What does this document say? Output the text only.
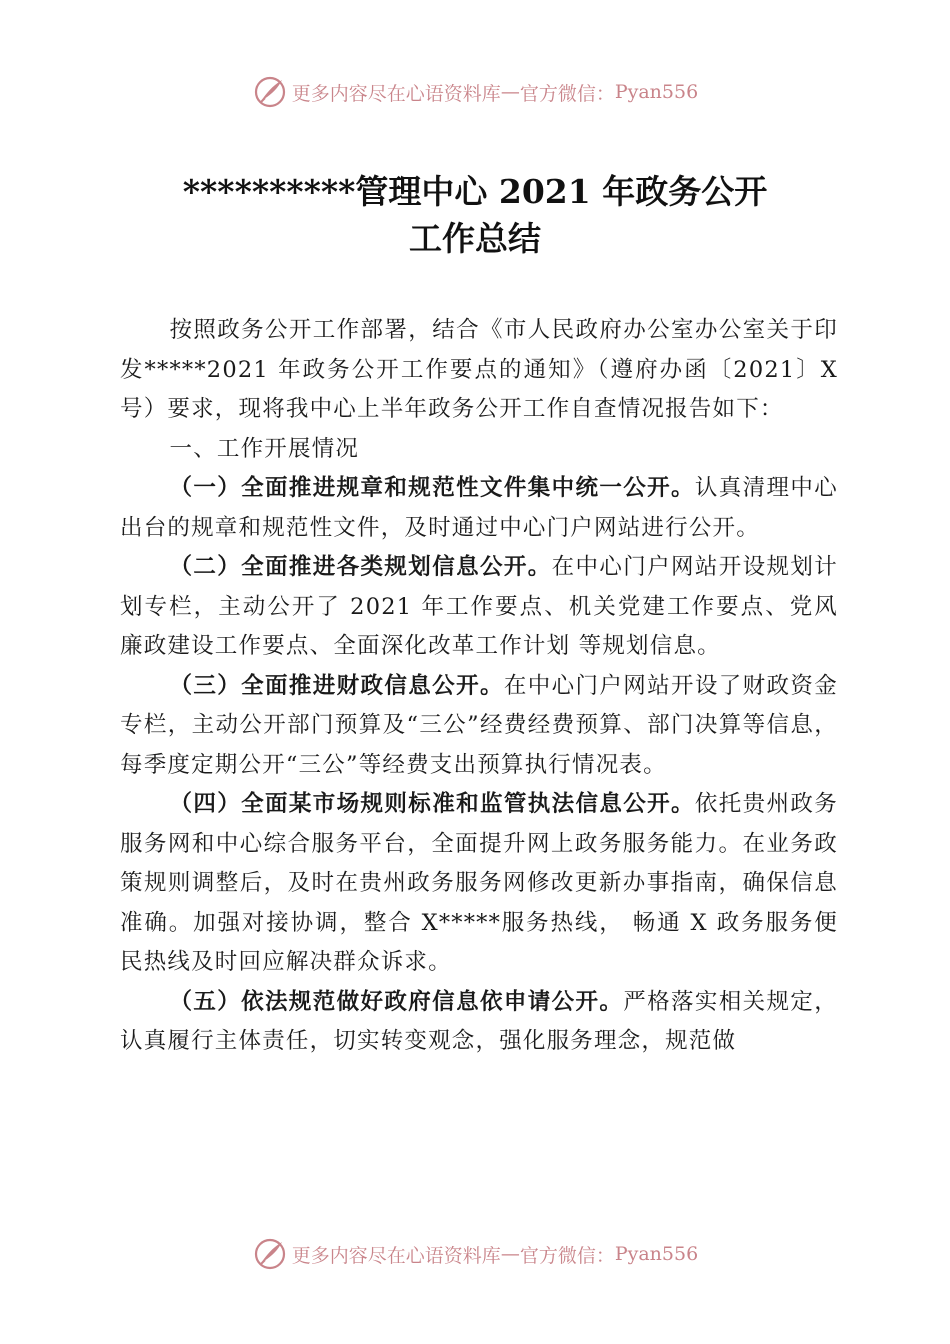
更多内容尽在心语资料库 — 官方微信： Pyan556
**********管理中心 2021 年政务公开
工作总结

按照政务公开工作部署，结合《市人民政府办公室办公室关于印发*****2021 年政务公开工作要点的通知》（遵府办函〔2021〕X 号）要求，现将我中心上半年政务公开工作自查情况报告如下：

一、工作开展情况

（一）全面推进规章和规范性文件集中统一公开。认真清理中心出台的规章和规范性文件，及时通过中心门户网站进行公开。

（二）全面推进各类规划信息公开。在中心门户网站开设规划计划专栏，主动公开了 2021 年工作要点、机关党建工作要点、党风廉政建设工作要点、全面深化改革工作计划 等规划信息。

（三）全面推进财政信息公开。在中心门户网站开设了财政资金专栏，主动公开部门预算及“三公”经费经费预算、部门决算等信息，每季度定期公开“三公”等经费支出预算执行情况表。

（四）全面某市场规则标准和监管执法信息公开。依托贵州政务服务网和中心综合服务平台，全面提升网上政务服务能力。在业务政策规则调整后，及时在贵州政务服务网修改更新办事指南，确保信息准确。加强对接协调，整合 X*****服务热线， 畅通 X 政务服务便民热线及时回应解决群众诉求。

（五）依法规范做好政府信息依申请公开。严格落实相关规定，认真履行主体责任，切实转变观念，强化服务理念，规范做

更多内容尽在心语资料库 — 官方微信： Pyan556
